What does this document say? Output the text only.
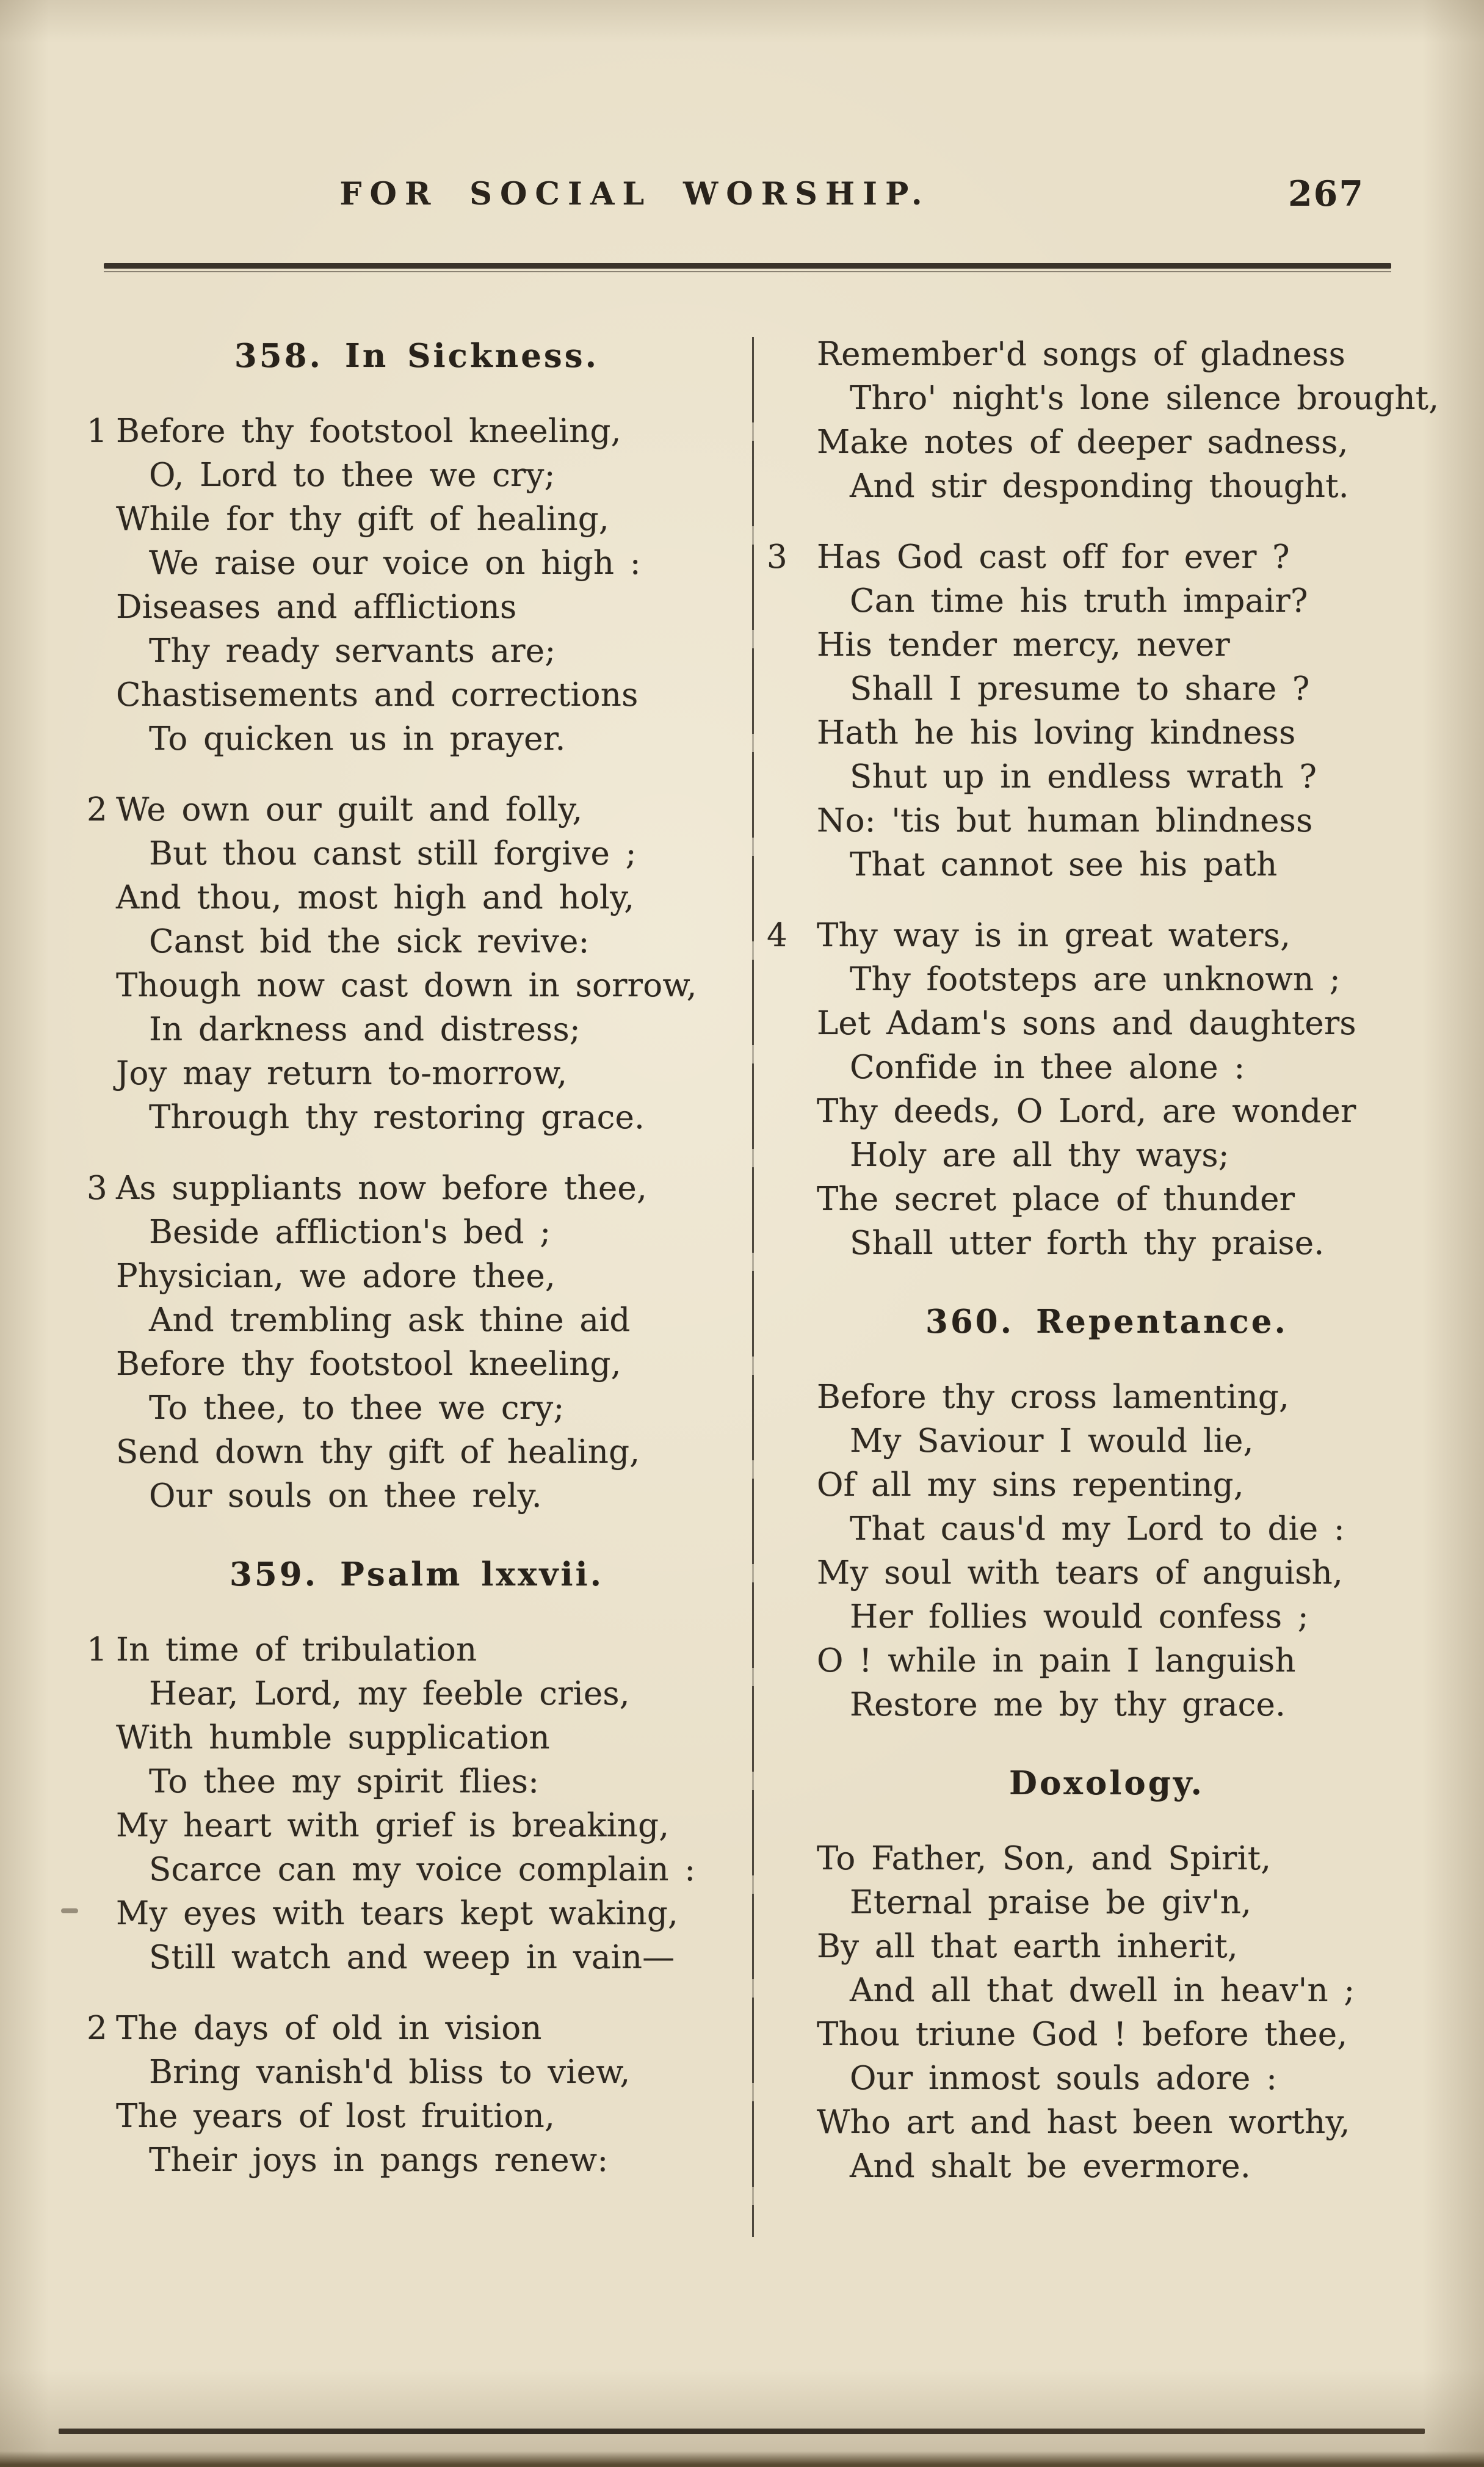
FOR SOCIAL WORSHIP.	267
358. In Sickness.
1 Before thy footstool kneeling,
O, Lord to thee we cry;
While for thy gift of healing,
We raise our voice on high :
Diseases and afflictions
Thy ready servants are;
Chastisements and corrections
To quicken us in prayer.
2 We own our guilt and folly,
But thou canst still forgive ;
And thou, most high and holy,
Canst bid the sick revive:
Though now cast down in sorrow,
In darkness and distress;
Joy may return to-morrow,
Through thy restoring grace.
3 As suppliants now before thee,
Beside affliction's bed ;
Physician, we adore thee,
And trembling ask thine aid
Before thy footstool kneeling,
To thee, to thee we cry;
Send down thy gift of healing,
Our souls on thee rely.
359. Psalm lxxvii.
1 In time of tribulation
Hear, Lord, my feeble cries,
With humble supplication
To thee my spirit flies:
My heart with grief is breaking,
Scarce can my voice complain :
My eyes with tears kept waking,
Still watch and weep in vain—
2 The days of old in vision
Bring vanish'd bliss to view,
The years of lost fruition,
Their joys in pangs renew:
Remember'd songs of gladness
Thro' night's lone silence brought,
Make notes of deeper sadness,
And stir desponding thought.
3 Has God cast off for ever ?
Can time his truth impair?
His tender mercy, never
Shall I presume to share ?
Hath he his loving kindness
Shut up in endless wrath ?
No: 'tis but human blindness
That cannot see his path
4 Thy way is in great waters,
Thy footsteps are unknown ;
Let Adam's sons and daughters
Confide in thee alone :
Thy deeds, O Lord, are wonder
Holy are all thy ways;
The secret place of thunder
Shall utter forth thy praise.
360. Repentance.
Before thy cross lamenting,
My Saviour I would lie,
Of all my sins repenting,
That caus'd my Lord to die :
My soul with tears of anguish,
Her follies would confess ;
O ! while in pain I languish
Restore me by thy grace.
Doxology.
To Father, Son, and Spirit,
Eternal praise be giv'n,
By all that earth inherit,
And all that dwell in heav'n ;
Thou triune God ! before thee,
Our inmost souls adore :
Who art and hast been worthy,
And shalt be evermore.
